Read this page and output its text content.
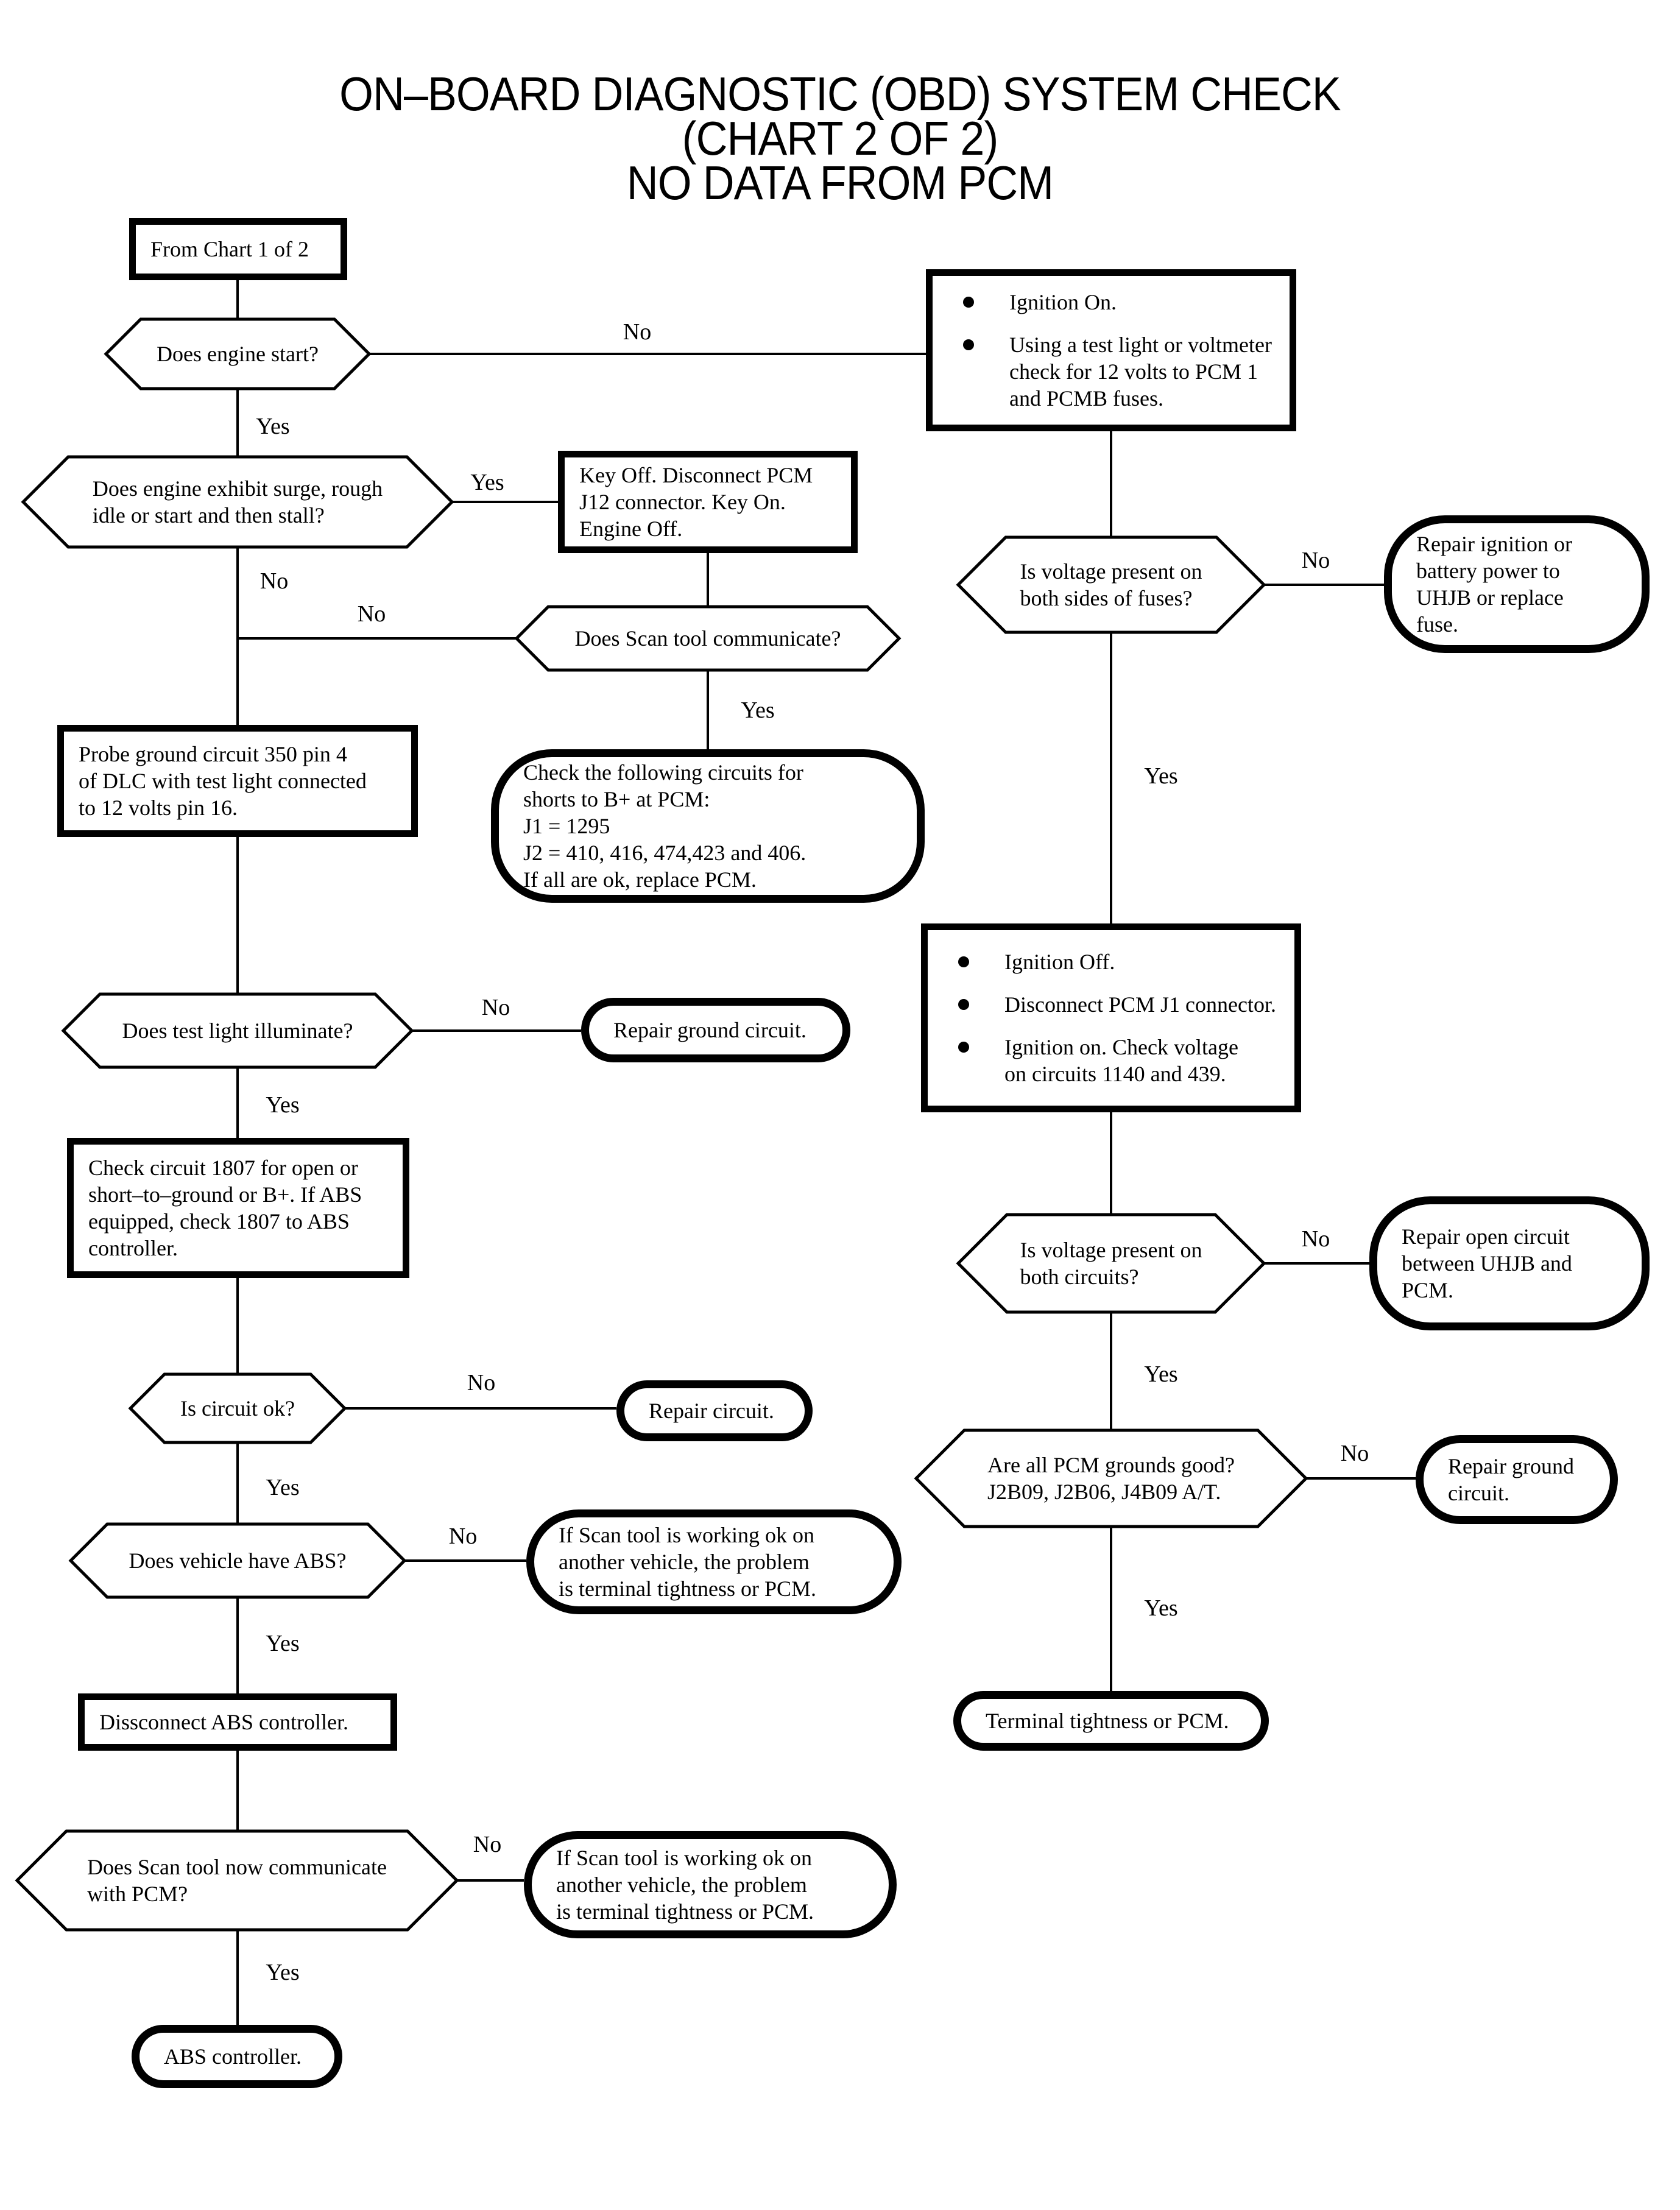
ON–BOARD DIAGNOSTIC (OBD) SYSTEM CHECK
(CHART 2 OF 2)
NO DATA FROM PCM
From Chart 1 of 2
Does engine start?
Ignition On.
Using a test light or voltmeter
check for 12 volts to PCM 1
and PCMB fuses.
Does engine exhibit surge, rough
idle or start and then stall?
Key Off. Disconnect PCM
J12 connector. Key On.
Engine Off.
Is voltage present on
both sides of fuses?
Repair ignition or
battery power to
UHJB or replace
fuse.
Does Scan tool communicate?
Probe ground circuit 350 pin 4
of DLC with test light connected
to 12 volts pin 16.
Check the following circuits for
shorts to B+ at PCM:
J1 = 1295
J2 = 410, 416, 474,423 and 406.
If all are ok, replace PCM.
Ignition Off.
Disconnect PCM J1 connector.
Ignition on. Check voltage
on circuits 1140 and 439.
Does test light illuminate?	Repair ground circuit.
Check circuit 1807 for open or
short–to–ground or B+. If ABS
equipped, check 1807 to ABS
controller.	Is voltage present on
both circuits?
Repair open circuit
between UHJB and
PCM.
Is circuit ok?	Repair circuit.
Are all PCM grounds good?
J2B09, J2B06, J4B09 A/T.
Repair ground
circuit.
Does vehicle have ABS?
If Scan tool is working ok on
another vehicle, the problem
is terminal tightness or PCM.
Dissconnect ABS controller.	Terminal tightness or PCM.
Does Scan tool now communicate
with PCM?
If Scan tool is working ok on
another vehicle, the problem
is terminal tightness or PCM.
ABS controller.
No
Yes
Yes
No
No
No
Yes
Yes
No
Yes
No
Yes
No
Yes
No
Yes
No
Yes
No
Yes
